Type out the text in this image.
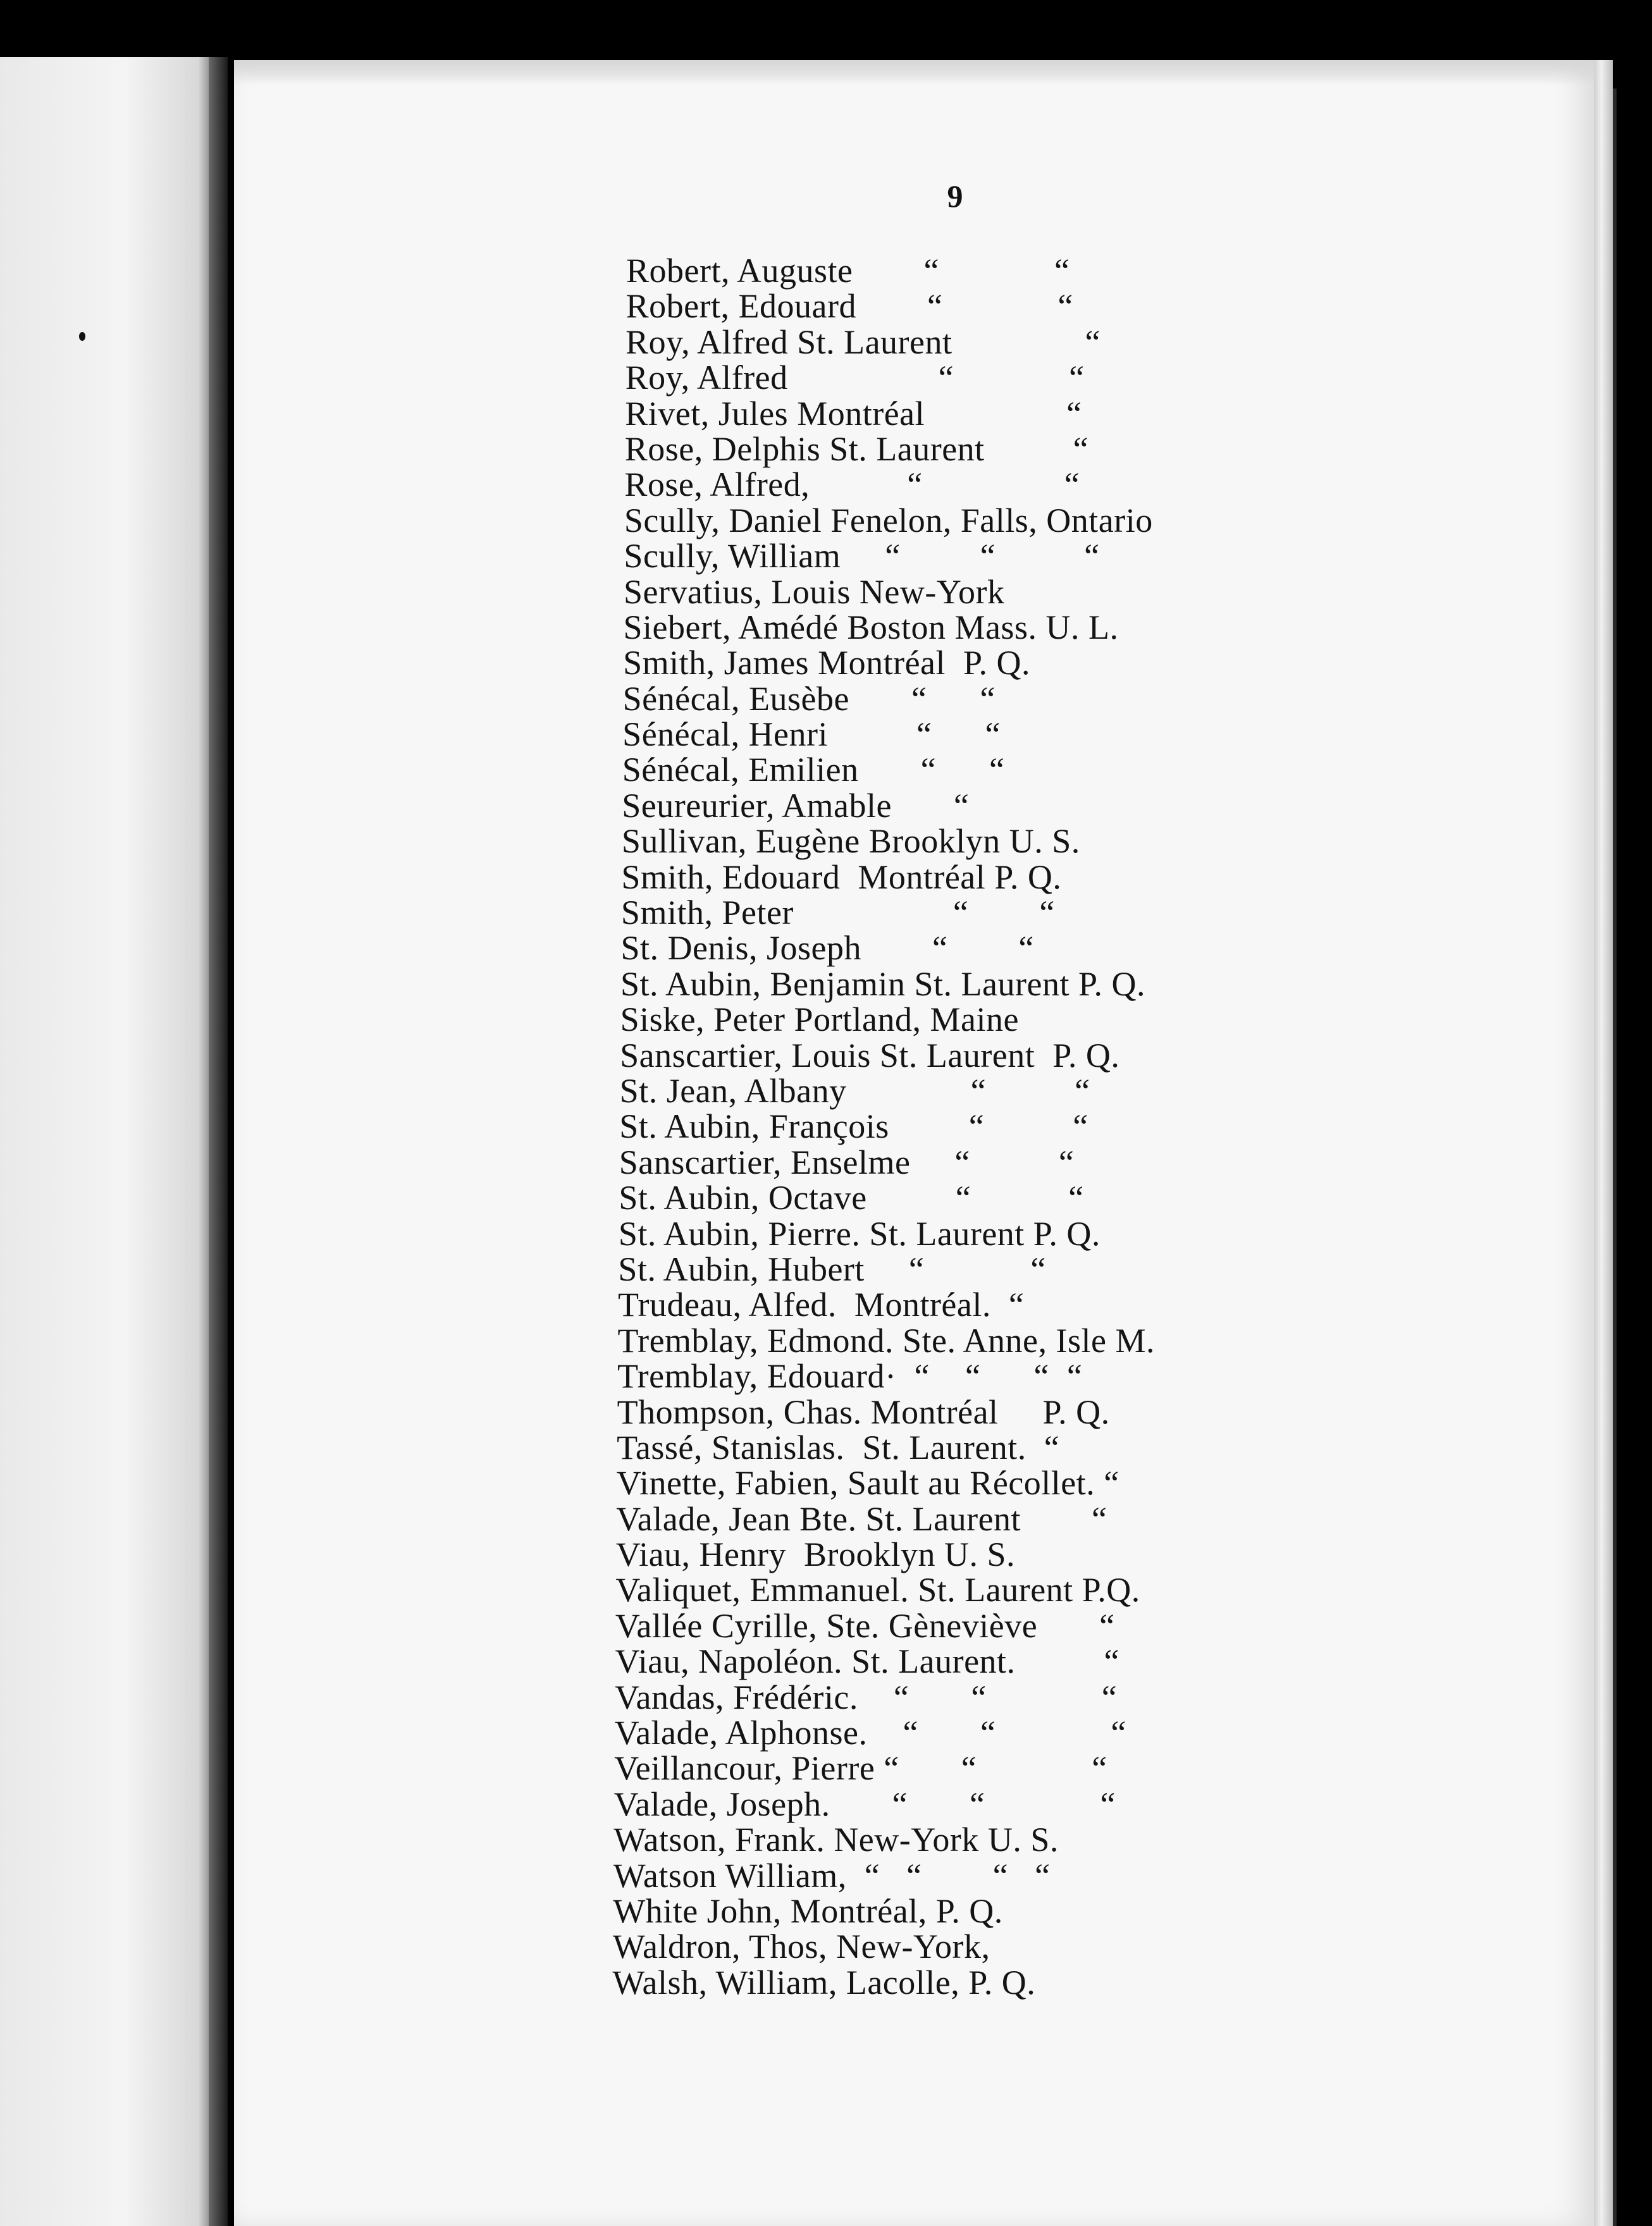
9
Robert, Auguste        “             “
Robert, Edouard        “             “
Roy, Alfred St. Laurent               “
Roy, Alfred                 “             “
Rivet, Jules Montréal                “
Rose, Delphis St. Laurent          “
Rose, Alfred,           “                “
Scully, Daniel Fenelon, Falls, Ontario
Scully, William     “         “          “
Servatius, Louis New-York
Siebert, Amédé Boston Mass. U. L.
Smith, James Montréal  P. Q.
Sénécal, Eusèbe       “      “
Sénécal, Henri          “      “
Sénécal, Emilien       “      “
Seureurier, Amable       “
Sullivan, Eugène Brooklyn U. S.
Smith, Edouard  Montréal P. Q.
Smith, Peter                  “        “
St. Denis, Joseph        “        “
St. Aubin, Benjamin St. Laurent P. Q.
Siske, Peter Portland, Maine
Sanscartier, Louis St. Laurent  P. Q.
St. Jean, Albany              “          “
St. Aubin, François         “          “
Sanscartier, Enselme     “          “
St. Aubin, Octave          “           “
St. Aubin, Pierre. St. Laurent P. Q.
St. Aubin, Hubert     “            “
Trudeau, Alfed.  Montréal.  “
Tremblay, Edmond. Ste. Anne, Isle M.
Tremblay, Edouard·  “    “      “  “
Thompson, Chas. Montréal     P. Q.
Tassé, Stanislas.  St. Laurent.  “
Vinette, Fabien, Sault au Récollet. “
Valade, Jean Bte. St. Laurent        “
Viau, Henry  Brooklyn U. S.
Valiquet, Emmanuel. St. Laurent P.Q.
Vallée Cyrille, Ste. Gèneviève       “
Viau, Napoléon. St. Laurent.          “
Vandas, Frédéric.    “       “             “
Valade, Alphonse.    “       “             “
Veillancour, Pierre “       “             “
Valade, Joseph.       “       “             “
Watson, Frank. New-York U. S.
Watson William,  “   “        “   “
White John, Montréal, P. Q.
Waldron, Thos, New-York,
Walsh, William, Lacolle, P. Q.
